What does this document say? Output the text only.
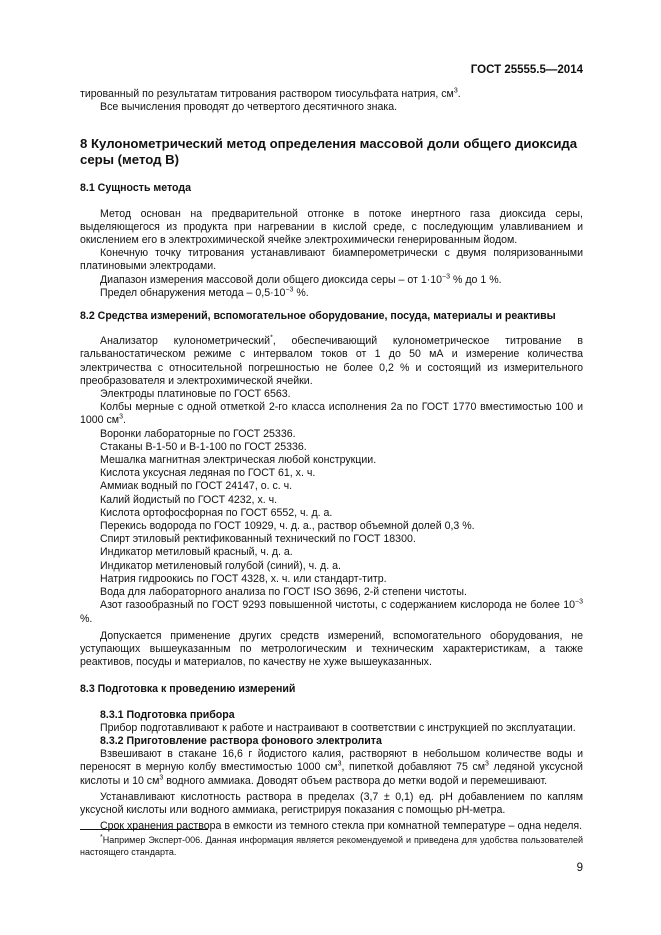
ГОСТ 25555.5—2014

тированный по результатам титрования раствором тиосульфата натрия, $см^3$.

Все вычисления проводят до четвертого десятичного знака.

8 Кулонометрический метод определения массовой доли общего диоксида серы (метод В)
8.1 Сущность метода

Метод основан на предварительной отгонке в потоке инертного газа диоксида серы, выделяющегося из продукта при нагревании в кислой среде, с последующим улавливанием и окислением его в электрохимической ячейке электрохимически генерированным йодом.

Конечную точку титрования устанавливают биамперометрически с двумя поляризованными платиновыми электродами.

Диапазон измерения массовой доли общего диоксида серы – от $1\cdot 10^{-3}$ % до 1 %.

Предел обнаружения метода – $0,5\cdot 10^{-3}$ %.

8.2 Средства измерений, вспомогательное оборудование, посуда, материалы и реактивы

Анализатор кулонометрический*, обеспечивающий кулонометрическое титрование в гальваностатическом режиме с интервалом токов от 1 до 50 мА и измерение количества электричества с относительной погрешностью не более 0,2 % и состоящий из измерительного преобразователя и электрохимической ячейки.

Электроды платиновые по ГОСТ 6563.

Колбы мерные с одной отметкой 2-го класса исполнения 2а по ГОСТ 1770 вместимостью 100 и 1000 $см^3$.

Воронки лабораторные по ГОСТ 25336.

Стаканы В-1-50 и В-1-100 по ГОСТ 25336.

Мешалка магнитная электрическая любой конструкции.

Кислота уксусная ледяная по ГОСТ 61, х. ч.

Аммиак водный по ГОСТ 24147, о. с. ч.

Калий йодистый по ГОСТ 4232, х. ч.

Кислота ортофосфорная по ГОСТ 6552, ч. д. а.

Перекись водорода по ГОСТ 10929, ч. д. а., раствор объемной долей 0,3 %.

Спирт этиловый ректификованный технический по ГОСТ 18300.

Индикатор метиловый красный, ч. д. а.

Индикатор метиленовый голубой (синий), ч. д. а.

Натрия гидроокись по ГОСТ 4328, х. ч. или стандарт-титр.

Вода для лабораторного анализа по ГОСТ ISO 3696, 2-й степени чистоты.

Азот газообразный по ГОСТ 9293 повышенной чистоты, с содержанием кислорода не более $10^{-3}$ %.

Допускается применение других средств измерений, вспомогательного оборудования, не уступающих вышеуказанным по метрологическим и техническим характеристикам, а также реактивов, посуды и материалов, по качеству не хуже вышеуказанных.

8.3 Подготовка к проведению измерений

8.3.1 Подготовка прибора

Прибор подготавливают к работе и настраивают в соответствии с инструкцией по эксплуатации.

8.3.2 Приготовление раствора фонового электролита

Взвешивают в стакане 16,6 г йодистого калия, растворяют в небольшом количестве воды и переносят в мерную колбу вместимостью 1000 $см^3$, пипеткой добавляют 75 $см^3$ ледяной уксусной кислоты и 10 $см^3$ водного аммиака. Доводят объем раствора до метки водой и перемешивают.

Устанавливают кислотность раствора в пределах (3,7 ± 0,1) ед. pH добавлением по каплям уксусной кислоты или водного аммиака, регистрируя показания с помощью pH-метра.

Срок хранения раствора в емкости из темного стекла при комнатной температуре – одна неделя.

*Например Эксперт-006. Данная информация является рекомендуемой и приведена для удобства пользователей настоящего стандарта.

9
